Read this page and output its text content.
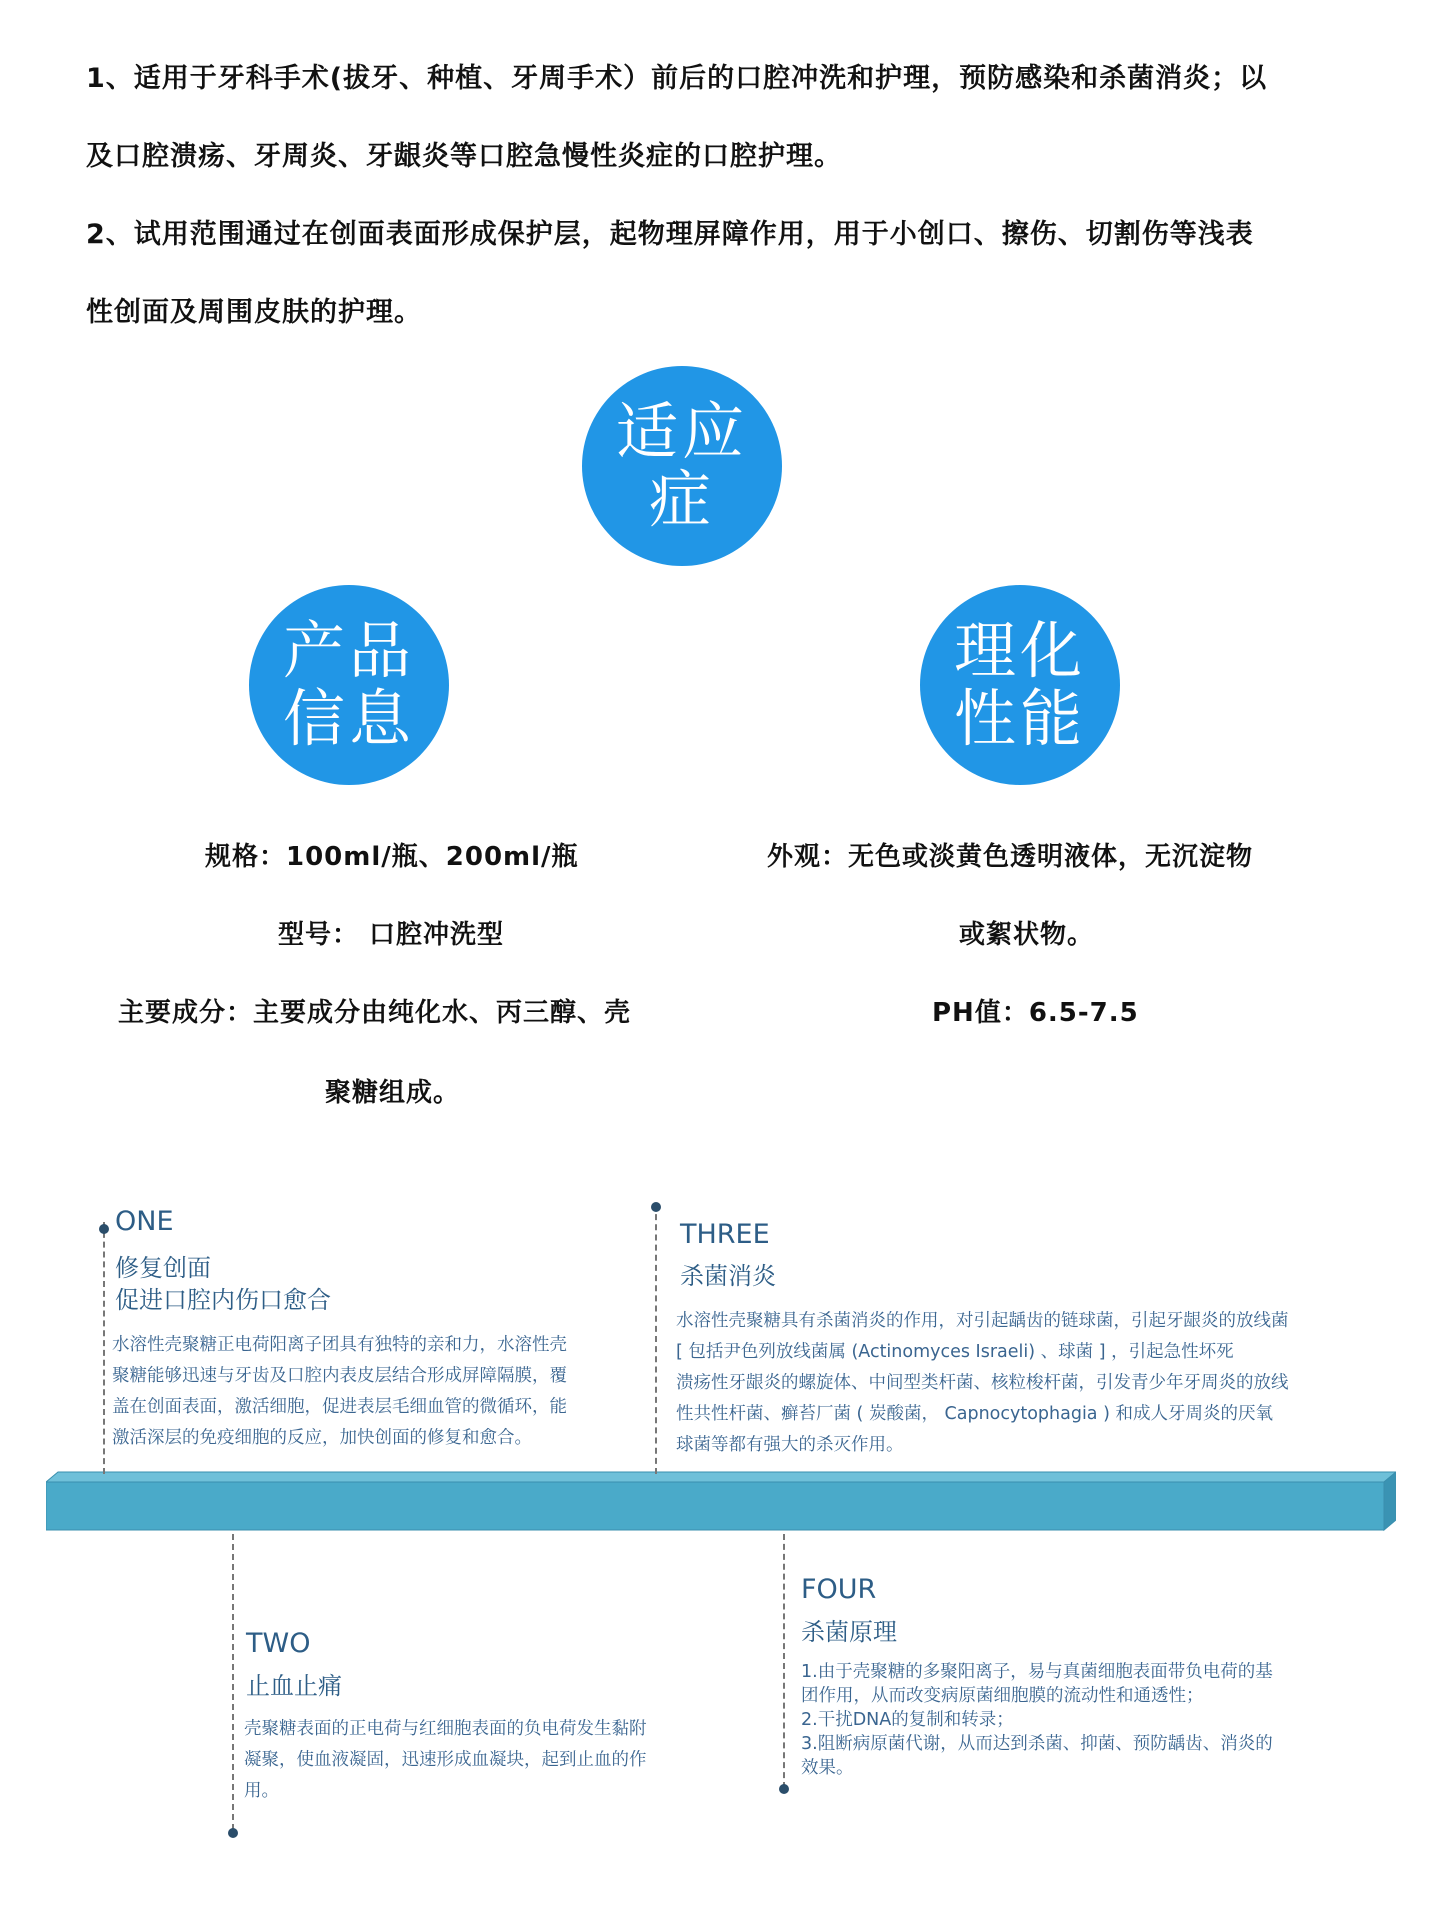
1、适用于牙科手术(拔牙、种植、牙周手术）前后的口腔冲洗和护理，预防感染和杀菌消炎；以
及口腔溃疡、牙周炎、牙龈炎等口腔急慢性炎症的口腔护理。
2、试用范围通过在创面表面形成保护层，起物理屏障作用，用于小创口、擦伤、切割伤等浅表
性创面及周围皮肤的护理。
适应
症
产品
信息
理化
性能
规格：100ml/瓶、200ml/瓶
型号： 口腔冲洗型
主要成分：主要成分由纯化水、丙三醇、壳
聚糖组成。
外观：无色或淡黄色透明液体，无沉淀物
或絮状物。
PH值：6.5-7.5
ONE
修复创面
促进口腔内伤口愈合
水溶性壳聚糖正电荷阳离子团具有独特的亲和力，水溶性壳
聚糖能够迅速与牙齿及口腔内表皮层结合形成屏障隔膜，覆
盖在创面表面，激活细胞，促进表层毛细血管的微循环，能
激活深层的免疫细胞的反应，加快创面的修复和愈合。
THREE
杀菌消炎
水溶性壳聚糖具有杀菌消炎的作用，对引起龋齿的链球菌，引起牙龈炎的放线菌
[ 包括尹色列放线菌属 (Actinomyces Israeli) 、球菌 ] ，引起急性坏死
溃疡性牙龈炎的螺旋体、中间型类杆菌、核粒梭杆菌，引发青少年牙周炎的放线
性共性杆菌、癣苔厂菌 ( 炭酸菌， Capnocytophagia ) 和成人牙周炎的厌氧
球菌等都有强大的杀灭作用。
TWO
止血止痛
壳聚糖表面的正电荷与红细胞表面的负电荷发生黏附
凝聚，使血液凝固，迅速形成血凝块，起到止血的作
用。
FOUR
杀菌原理
1.由于壳聚糖的多聚阳离子，易与真菌细胞表面带负电荷的基
团作用，从而改变病原菌细胞膜的流动性和通透性；
2.干扰DNA的复制和转录；
3.阻断病原菌代谢，从而达到杀菌、抑菌、预防龋齿、消炎的
效果。
